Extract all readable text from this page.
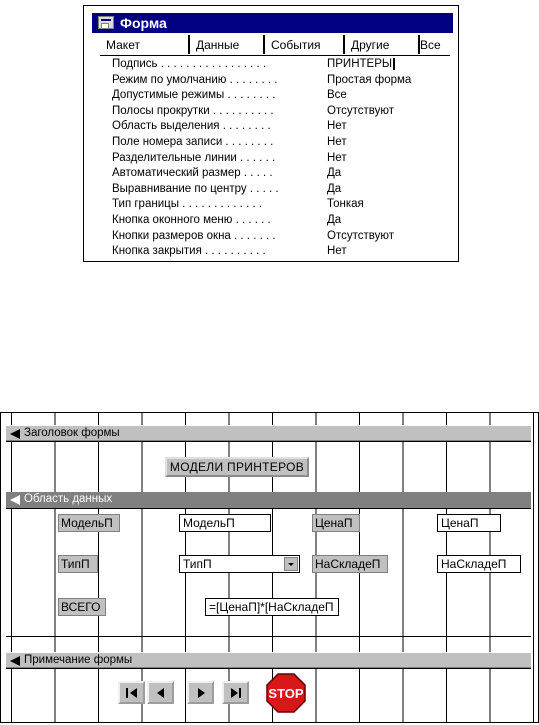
Форма
Макет	Данные	События	Другие	Все
Подпись . . . . . . . . . . . . . . . . .	ПРИНТЕРЫ
Режим по умолчанию . . . . . . . .	Простая форма
Допустимые режимы . . . . . . . .	Все
Полосы прокрутки . . . . . . . . . .	Отсутствуют
Область выделения . . . . . . . .	Нет
Поле номера записи . . . . . . . .	Нет
Разделительные линии . . . . . .	Нет
Автоматический размер . . . . .	Да
Выравнивание по центру . . . . .	Да
Тип границы . . . . . . . . . . . . .	Тонкая
Кнопка оконного меню . . . . . .	Да
Кнопки размеров окна . . . . . . .	Отсутствуют
Кнопка закрытия . . . . . . . . . .	Нет
Заголовок формы
МОДЕЛИ ПРИНТЕРОВ
Область данных
МодельП	МодельП	ЦенаП	ЦенаП
ТипП	ТипП	НаСкладеП	НаСкладеП
ВСЕГО	=[ЦенаП]*[НаСкладеП
Примечание формы
STOP
